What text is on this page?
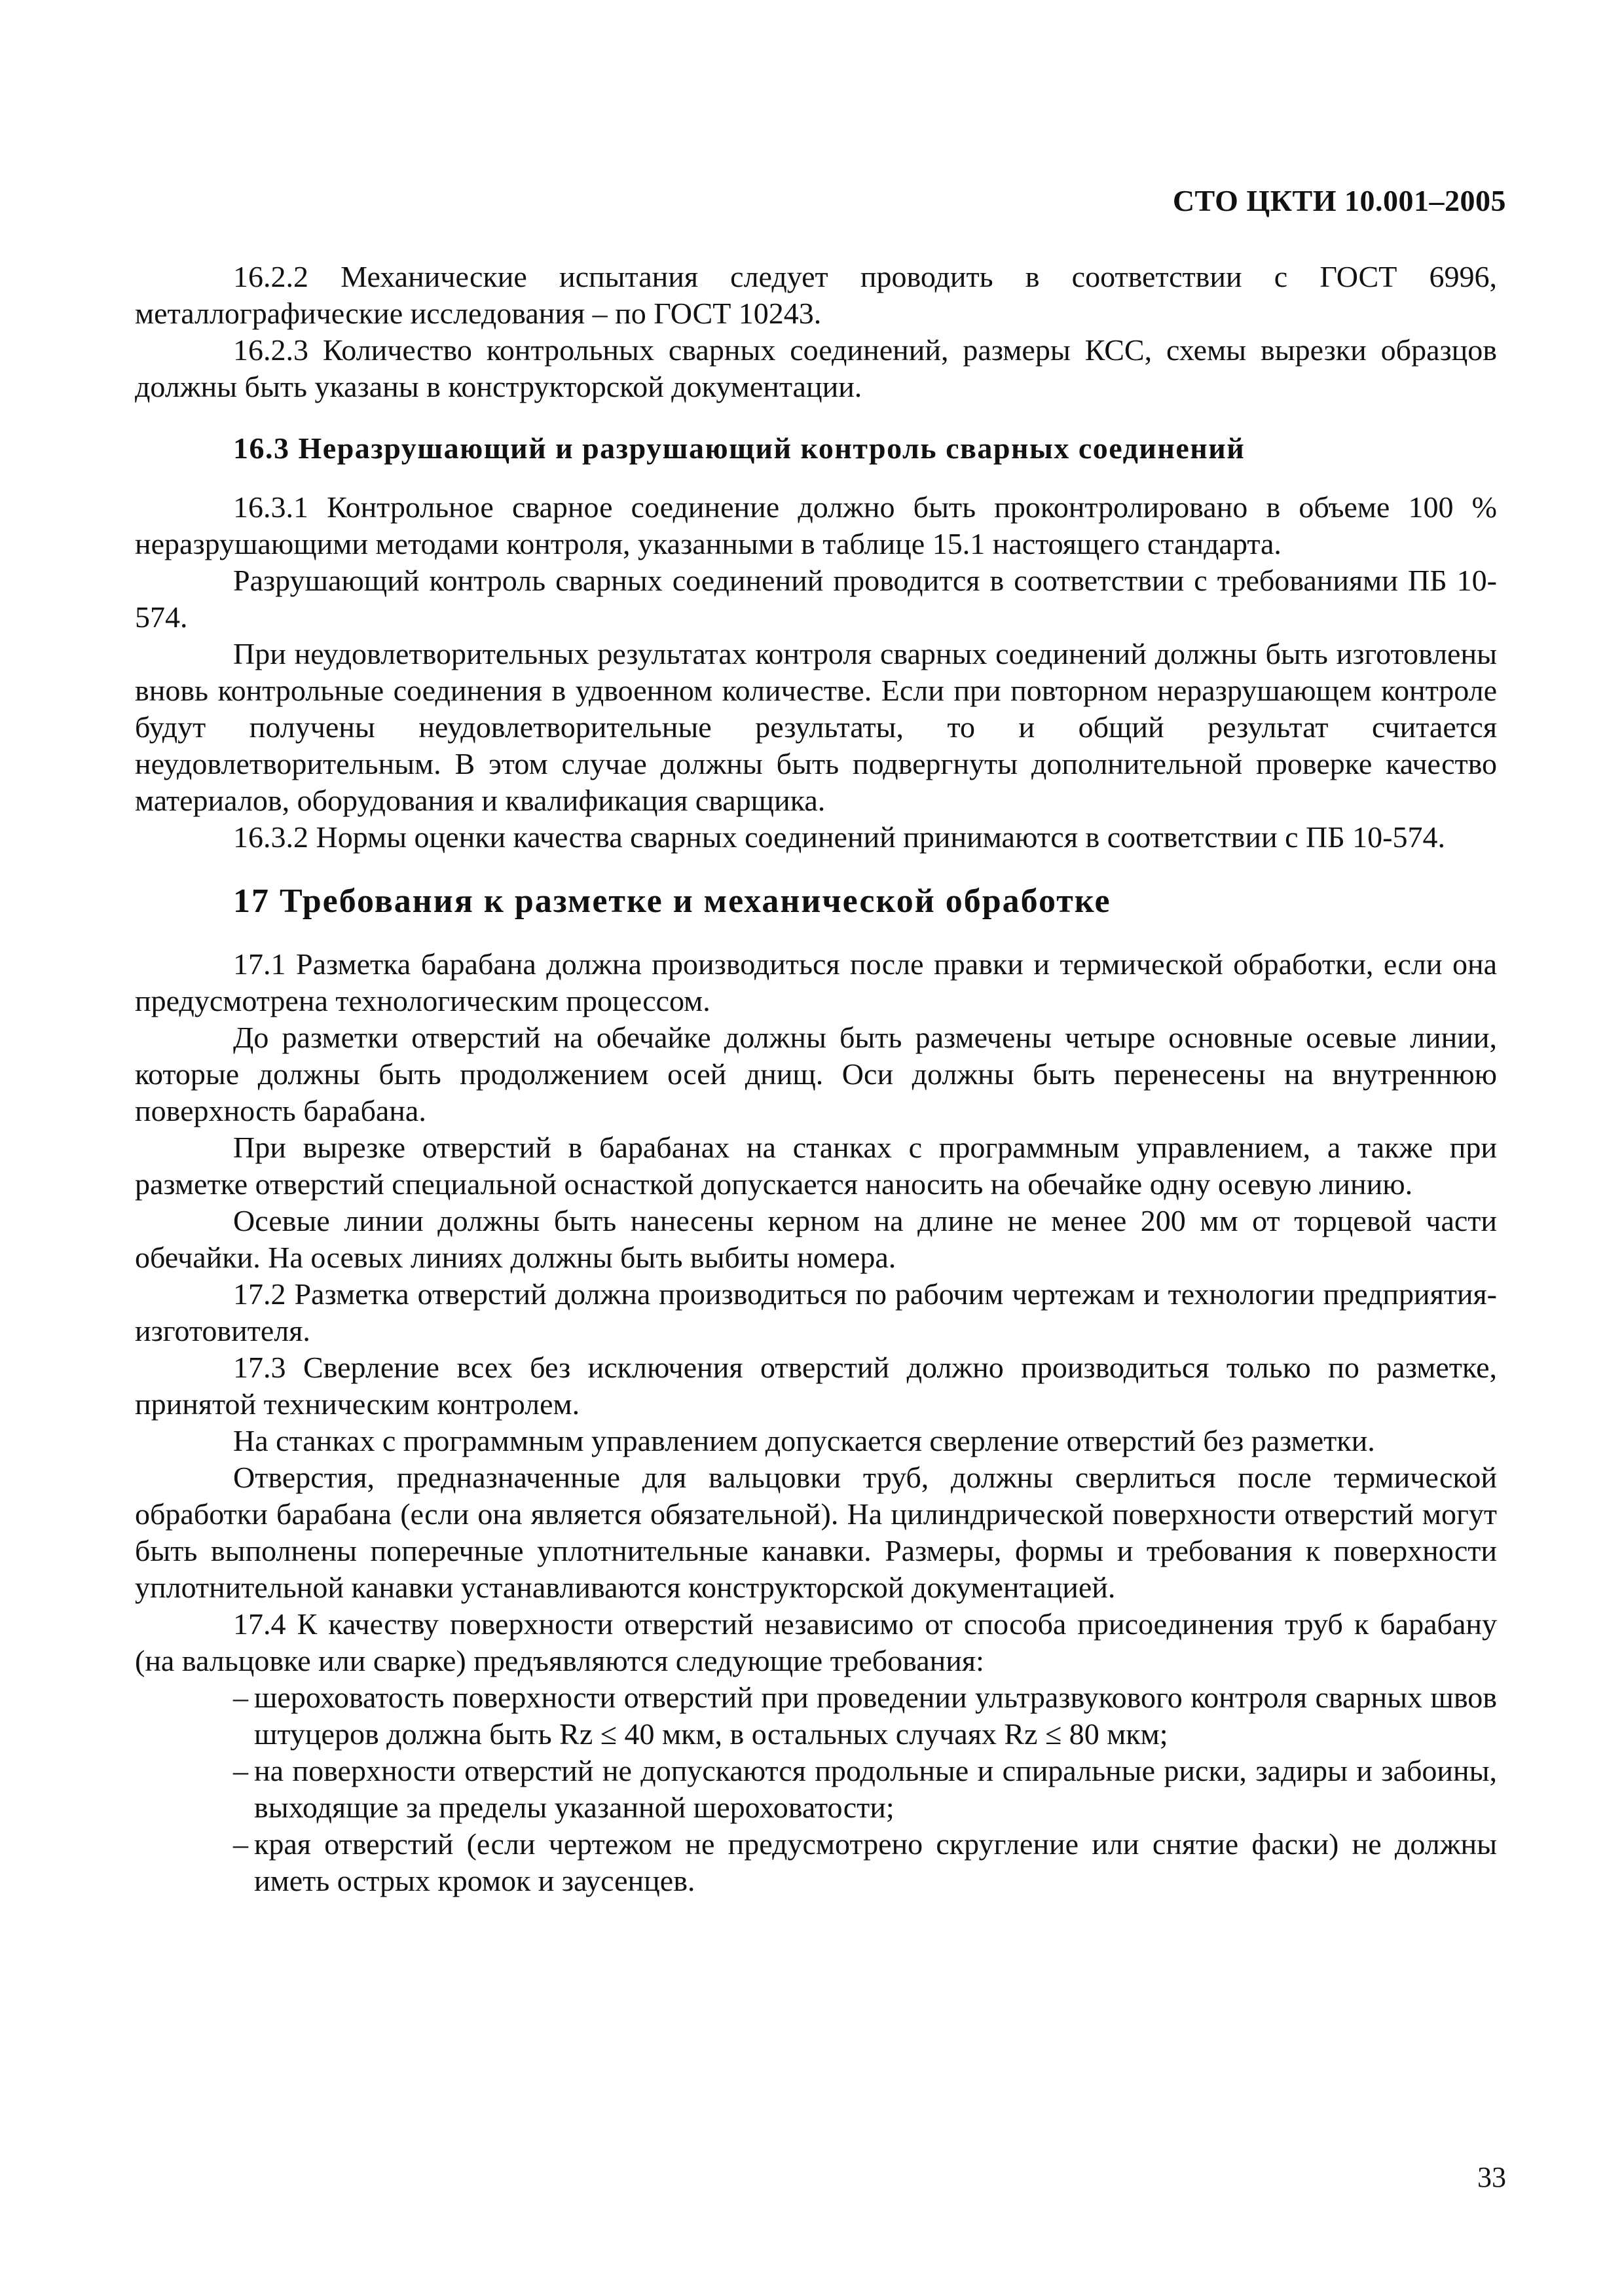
СТО ЦКТИ 10.001–2005

16.2.2 Механические испытания следует проводить в соответствии с ГОСТ 6996, металлографические исследования – по ГОСТ 10243.

16.2.3 Количество контрольных сварных соединений, размеры КСС, схемы вырезки образцов должны быть указаны в конструкторской документации.

16.3 Неразрушающий и разрушающий контроль сварных соединений

16.3.1 Контрольное сварное соединение должно быть проконтролировано в объеме 100 % неразрушающими методами контроля, указанными в таблице 15.1 настоящего стандарта.

Разрушающий контроль сварных соединений проводится в соответствии с требованиями ПБ 10-574.

При неудовлетворительных результатах контроля сварных соединений должны быть изготовлены вновь контрольные соединения в удвоенном количестве. Если при повторном неразрушающем контроле будут получены неудовлетворительные результаты, то и общий результат считается неудовлетворительным. В этом случае должны быть подвергнуты дополнительной проверке качество материалов, оборудования и квалификация сварщика.

16.3.2 Нормы оценки качества сварных соединений принимаются в соответствии с ПБ 10-574.

17 Требования к разметке и механической обработке

17.1 Разметка барабана должна производиться после правки и термической обработки, если она предусмотрена технологическим процессом.

До разметки отверстий на обечайке должны быть размечены четыре основные осевые линии, которые должны быть продолжением осей днищ. Оси должны быть перенесены на внутреннюю поверхность барабана.

При вырезке отверстий в барабанах на станках с программным управлением, а также при разметке отверстий специальной оснасткой допускается наносить на обечайке одну осевую линию.

Осевые линии должны быть нанесены керном на длине не менее 200 мм от торцевой части обечайки. На осевых линиях должны быть выбиты номера.

17.2 Разметка отверстий должна производиться по рабочим чертежам и технологии предприятия-изготовителя.

17.3 Сверление всех без исключения отверстий должно производиться только по разметке, принятой техническим контролем.

На станках с программным управлением допускается сверление отверстий без разметки.

Отверстия, предназначенные для вальцовки труб, должны сверлиться после термической обработки барабана (если она является обязательной). На цилиндрической поверхности отверстий могут быть выполнены поперечные уплотнительные канавки. Размеры, формы и требования к поверхности уплотнительной канавки устанавливаются конструкторской документацией.

17.4 К качеству поверхности отверстий независимо от способа присоединения труб к барабану (на вальцовке или сварке) предъявляются следующие требования:

– шероховатость поверхности отверстий при проведении ультразвукового контроля сварных швов штуцеров должна быть Rz ≤ 40 мкм, в остальных случаях Rz ≤ 80 мкм;
– на поверхности отверстий не допускаются продольные и спиральные риски, задиры и забоины, выходящие за пределы указанной шероховатости;
– края отверстий (если чертежом не предусмотрено скругление или снятие фаски) не должны иметь острых кромок и заусенцев.
33
